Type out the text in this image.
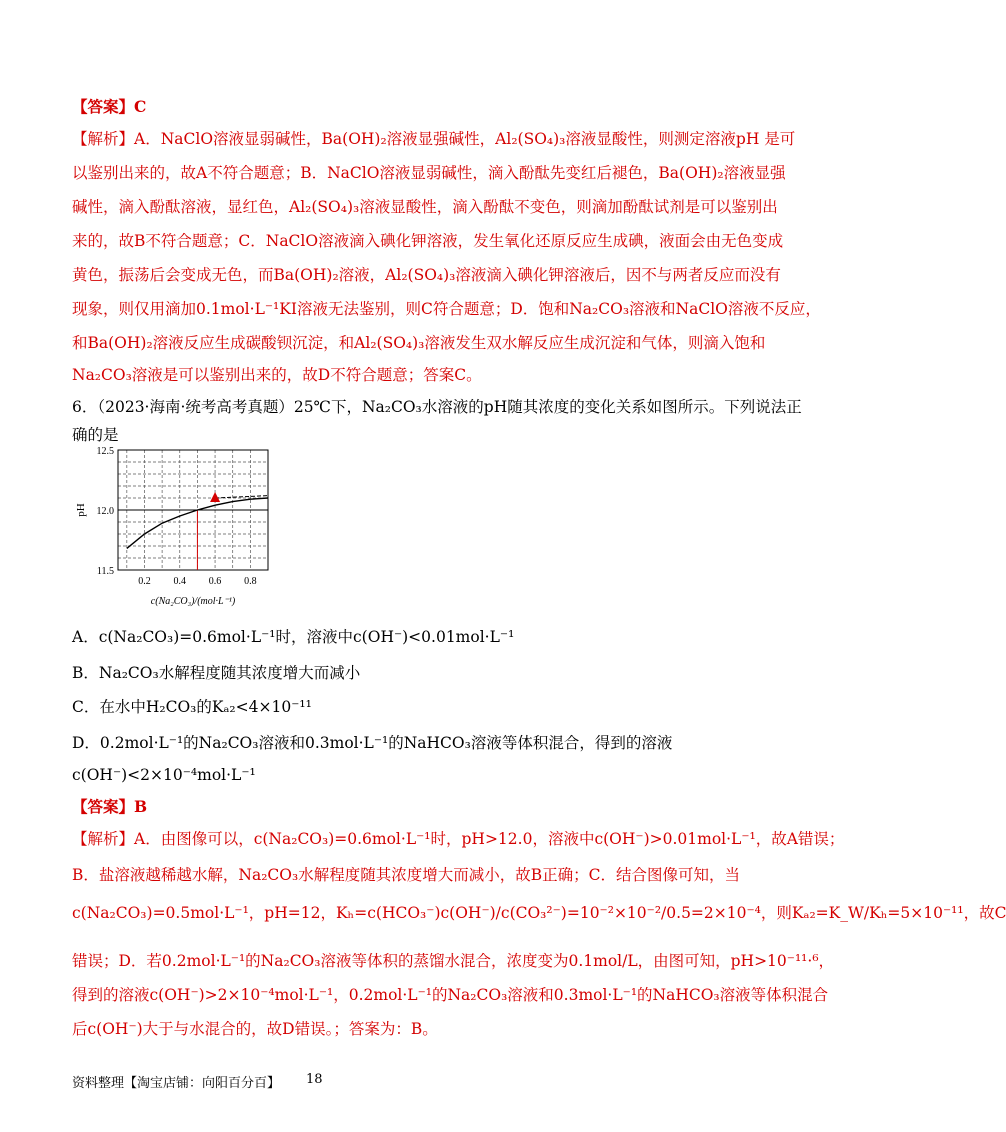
【答案】C
【解析】A．NaClO溶液显弱碱性，Ba(OH)₂溶液显强碱性，Al₂(SO₄)₃溶液显酸性，则测定溶液pH 是可
以鉴别出来的，故A不符合题意；B．NaClO溶液显弱碱性，滴入酚酞先变红后褪色，Ba(OH)₂溶液显强
碱性，滴入酚酞溶液，显红色，Al₂(SO₄)₃溶液显酸性，滴入酚酞不变色，则滴加酚酞试剂是可以鉴别出
来的，故B不符合题意；C．NaClO溶液滴入碘化钾溶液，发生氧化还原反应生成碘，液面会由无色变成
黄色，振荡后会变成无色，而Ba(OH)₂溶液，Al₂(SO₄)₃溶液滴入碘化钾溶液后，因不与两者反应而没有
现象，则仅用滴加0.1mol·L⁻¹KI溶液无法鉴别，则C符合题意；D．饱和Na₂CO₃溶液和NaClO溶液不反应，
和Ba(OH)₂溶液反应生成碳酸钡沉淀，和Al₂(SO₄)₃溶液发生双水解反应生成沉淀和气体，则滴入饱和
Na₂CO₃溶液是可以鉴别出来的，故D不符合题意；答案C。
6．（2023·海南·统考高考真题）25℃下，Na₂CO₃水溶液的pH随其浓度的变化关系如图所示。下列说法正
确的是
0.2 0.4 0.6 0.8
12.5
12.0
11.5
pH
c(Na₂CO₃)/(mol·L⁻¹)
A．c(Na₂CO₃)=0.6mol·L⁻¹时，溶液中c(OH⁻)<0.01mol·L⁻¹
B．Na₂CO₃水解程度随其浓度增大而减小
C．在水中H₂CO₃的Kₐ₂<4×10⁻¹¹
D．0.2mol·L⁻¹的Na₂CO₃溶液和0.3mol·L⁻¹的NaHCO₃溶液等体积混合，得到的溶液
c(OH⁻)<2×10⁻⁴mol·L⁻¹
【答案】B
【解析】A．由图像可以，c(Na₂CO₃)=0.6mol·L⁻¹时，pH>12.0，溶液中c(OH⁻)>0.01mol·L⁻¹，故A错误；
B．盐溶液越稀越水解，Na₂CO₃水解程度随其浓度增大而减小，故B正确；C．结合图像可知，当
c(Na₂CO₃)=0.5mol·L⁻¹，pH=12，Kₕ=c(HCO₃⁻)c(OH⁻)/c(CO₃²⁻)=10⁻²×10⁻²/0.5=2×10⁻⁴，则Kₐ₂=K_W/Kₕ=5×10⁻¹¹，故C
错误；D．若0.2mol·L⁻¹的Na₂CO₃溶液等体积的蒸馏水混合，浓度变为0.1mol/L，由图可知，pH>10⁻¹¹·⁶，
得到的溶液c(OH⁻)>2×10⁻⁴mol·L⁻¹，0.2mol·L⁻¹的Na₂CO₃溶液和0.3mol·L⁻¹的NaHCO₃溶液等体积混合
后c(OH⁻)大于与水混合的，故D错误。；答案为：B。
资料整理【淘宝店铺：向阳百分百】 18
